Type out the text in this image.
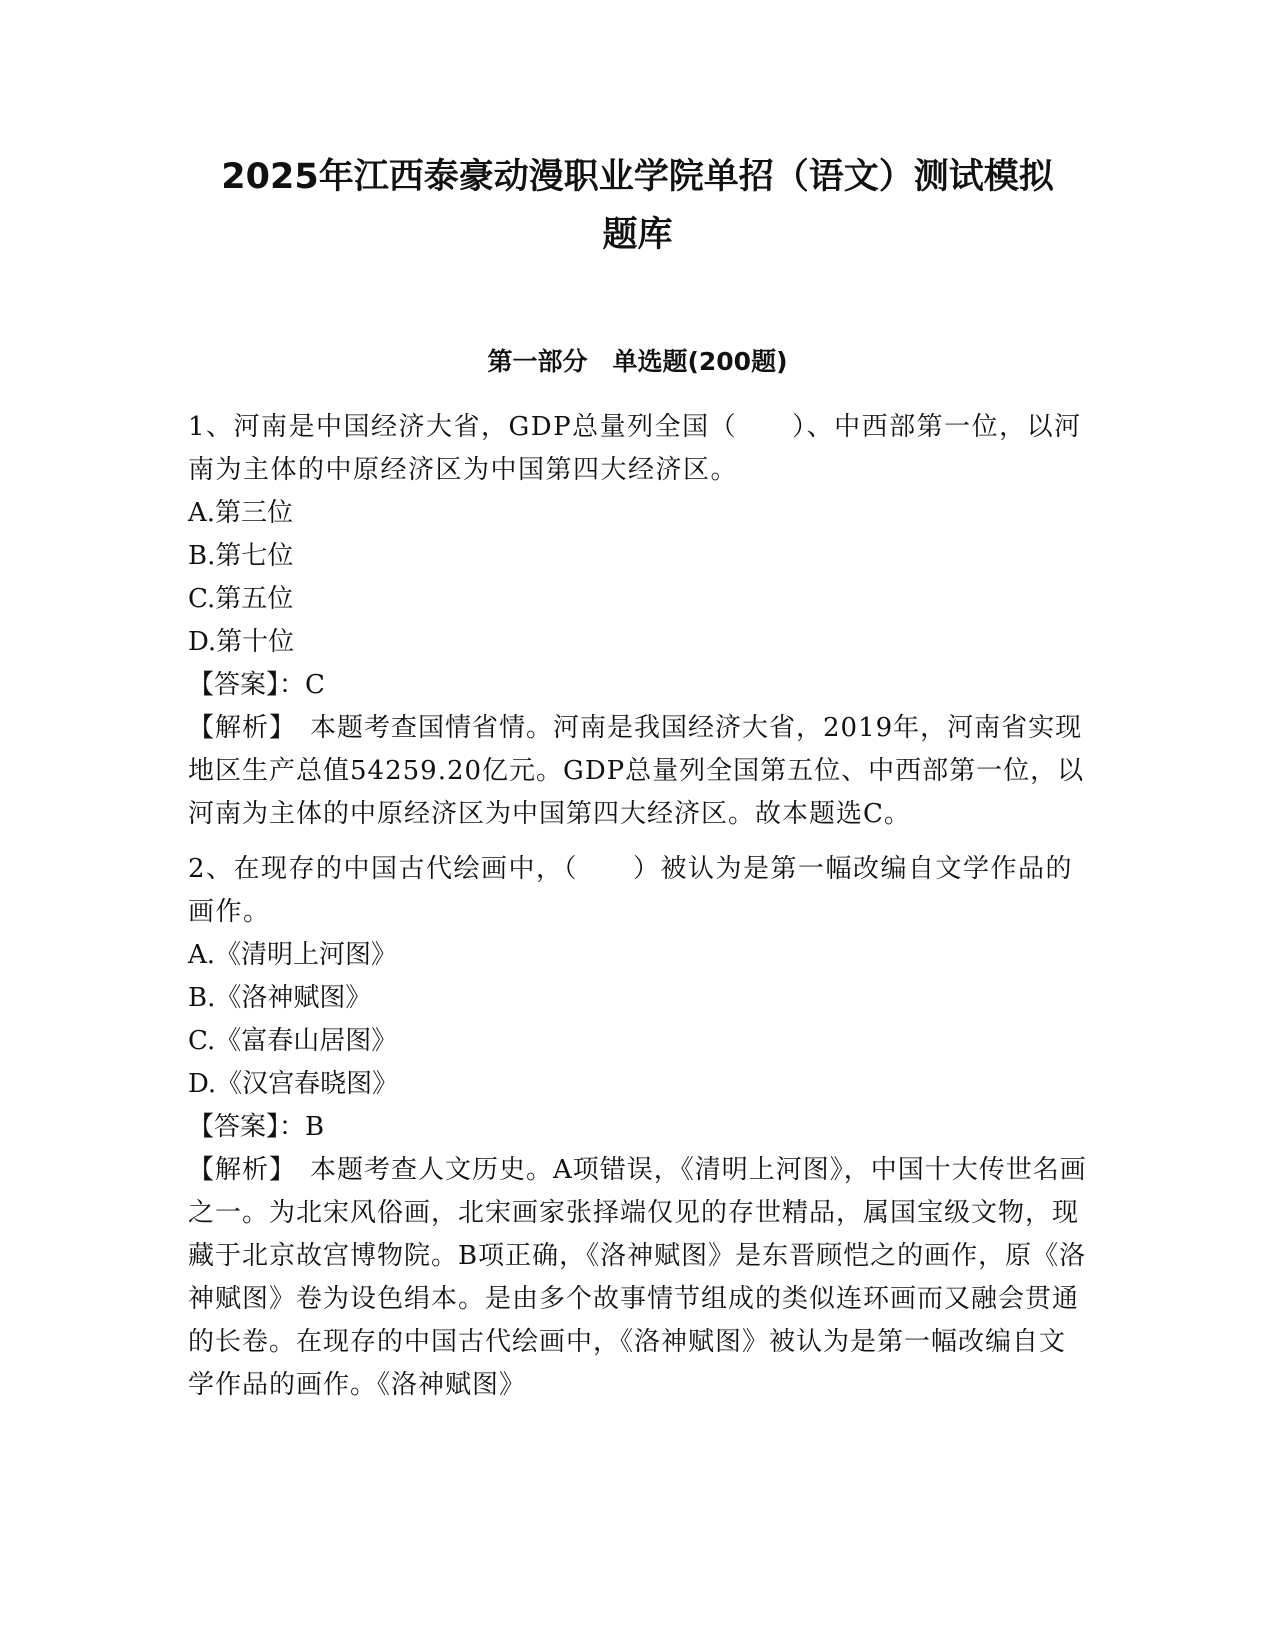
2025年江西泰豪动漫职业学院单招（语文）测试模拟
题库
第一部分　单选题(200题)

1、河南是中国经济大省，GDP总量列全国（　　）、中西部第一位，以河南为主体的中原经济区为中国第四大经济区。

A.第三位

B.第七位

C.第五位

D.第十位

【答案】：C

【解析】　本题考查国情省情。河南是我国经济大省，2019年，河南省实现地区生产总值54259.20亿元。GDP总量列全国第五位、中西部第一位，以河南为主体的中原经济区为中国第四大经济区。故本题选C。

2、在现存的中国古代绘画中，（　　）被认为是第一幅改编自文学作品的画作。

A.《清明上河图》

B.《洛神赋图》

C.《富春山居图》

D.《汉宫春晓图》

【答案】：B

【解析】　本题考查人文历史。A项错误，《清明上河图》，中国十大传世名画之一。为北宋风俗画，北宋画家张择端仅见的存世精品，属国宝级文物，现藏于北京故宫博物院。B项正确，《洛神赋图》是东晋顾恺之的画作，原《洛神赋图》卷为设色绢本。是由多个故事情节组成的类似连环画而又融会贯通的长卷。在现存的中国古代绘画中，《洛神赋图》被认为是第一幅改编自文学作品的画作。《洛神赋图》
